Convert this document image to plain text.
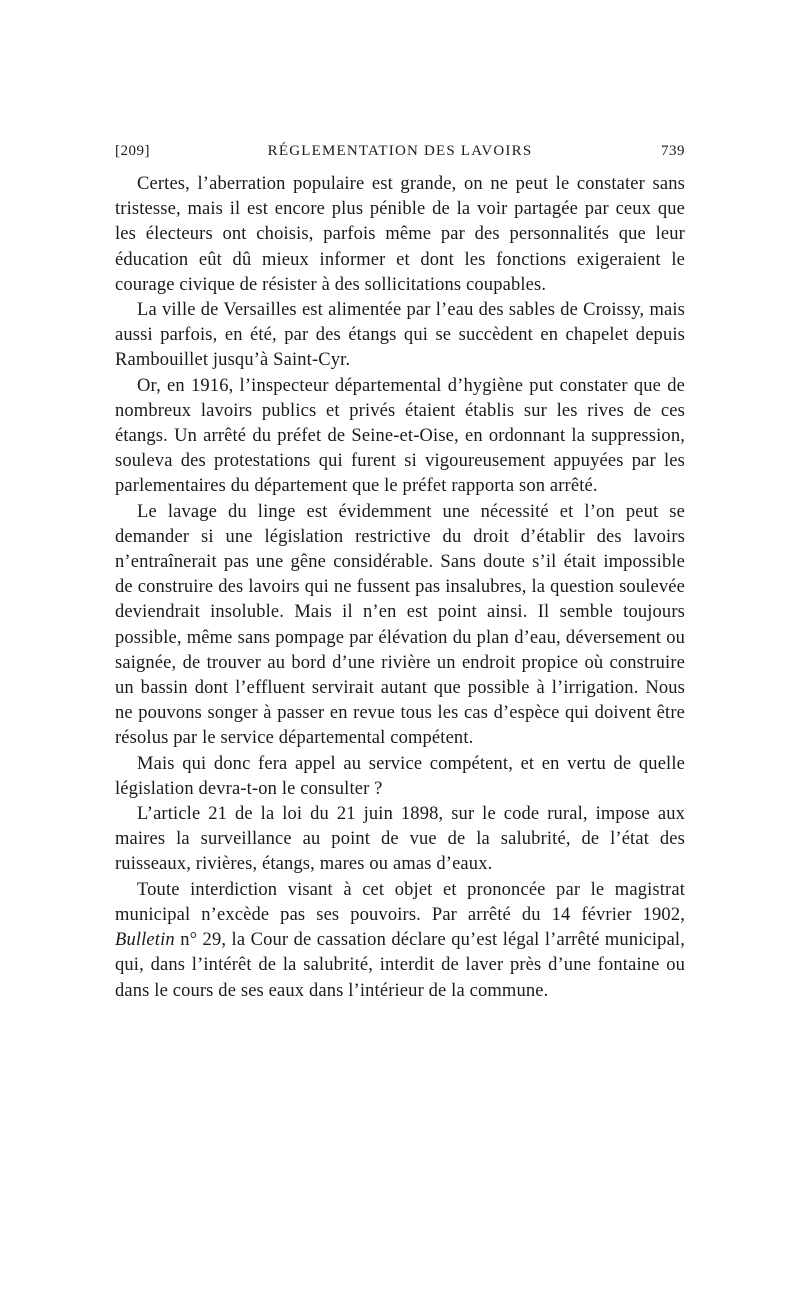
[209]	RÉGLEMENTATION DES LAVOIRS	739

Certes, l’aberration populaire est grande, on ne peut le constater sans tristesse, mais il est encore plus pénible de la voir partagée par ceux que les électeurs ont choisis, parfois même par des personnalités que leur éducation eût dû mieux informer et dont les fonctions exigeraient le courage civique de résister à des sollicitations coupables.

La ville de Versailles est alimentée par l’eau des sables de Croissy, mais aussi parfois, en été, par des étangs qui se succèdent en chapelet depuis Rambouillet jusqu’à Saint-Cyr.

Or, en 1916, l’inspecteur départemental d’hygiène put constater que de nombreux lavoirs publics et privés étaient établis sur les rives de ces étangs. Un arrêté du préfet de Seine-et-Oise, en ordonnant la suppression, souleva des protestations qui furent si vigoureusement appuyées par les parlementaires du département que le préfet rapporta son arrêté.

Le lavage du linge est évidemment une nécessité et l’on peut se demander si une législation restrictive du droit d’établir des lavoirs n’entraînerait pas une gêne considérable. Sans doute s’il était impossible de construire des lavoirs qui ne fussent pas insalubres, la question soulevée deviendrait insoluble. Mais il n’en est point ainsi. Il semble toujours possible, même sans pompage par élévation du plan d’eau, déversement ou saignée, de trouver au bord d’une rivière un endroit propice où construire un bassin dont l’effluent servirait autant que possible à l’irrigation. Nous ne pouvons songer à passer en revue tous les cas d’espèce qui doivent être résolus par le service départemental compétent.

Mais qui donc fera appel au service compétent, et en vertu de quelle législation devra-t-on le consulter ?

L’article 21 de la loi du 21 juin 1898, sur le code rural, impose aux maires la surveillance au point de vue de la salubrité, de l’état des ruisseaux, rivières, étangs, mares ou amas d’eaux.

Toute interdiction visant à cet objet et prononcée par le magistrat municipal n’excède pas ses pouvoirs. Par arrêté du 14 février 1902, Bulletin n° 29, la Cour de cassation déclare qu’est légal l’arrêté municipal, qui, dans l’intérêt de la salubrité, interdit de laver près d’une fontaine ou dans le cours de ses eaux dans l’intérieur de la commune.
